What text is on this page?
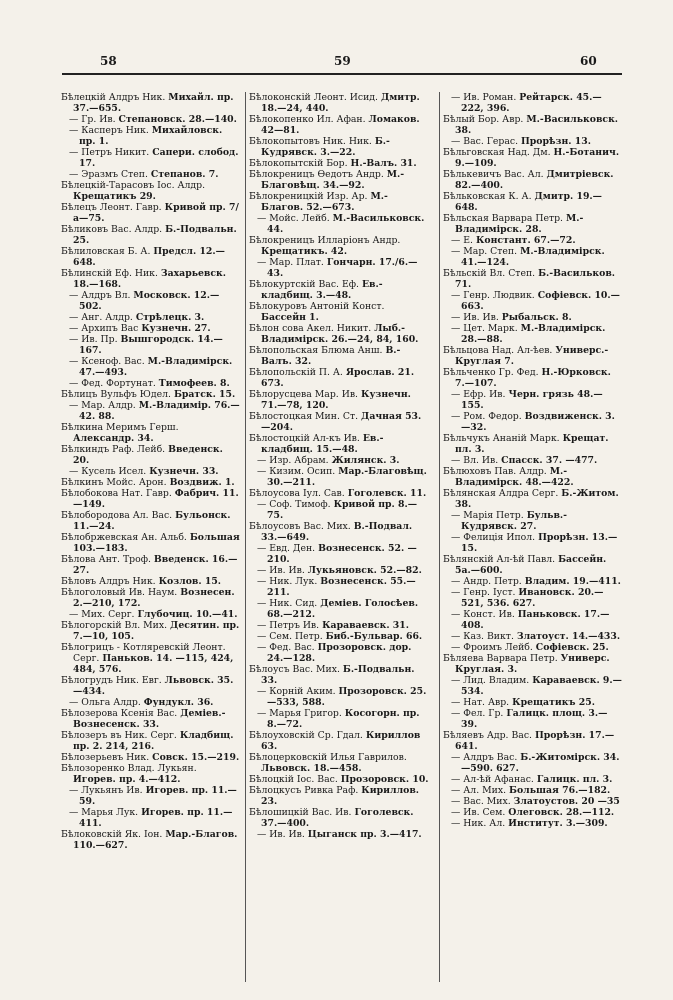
58	59	60

Бѣлецкій Алдръ Ник. Михайл. пр. 37.—655.

— Гр. Ив. Степановск. 28.—140.

— Касперъ Ник. Михайловск. пр. 1.

— Петръ Никит. Сапери. слобод. 17.

— Эразмъ Степ. Степанов. 7.

Бѣлецкій-Тарасовъ Іос. Алдр. Крещатикъ 29.

Бѣлецъ Леонт. Гавр. Кривой пр. 7/а—75.

Бѣликовъ Вас. Алдр. Б.-Подвальн. 25.

Бѣлиловская Б. А. Предсл. 12.—648.

Бѣлинскій Еф. Ник. Захарьевск. 18.—168.

— Алдръ Вл. Московск. 12.—502.

— Анг. Алдр. Стрѣлецк. 3.

— Архипъ Вас Кузнечн. 27.

— Ив. Пр. Вышгородск. 14.—167.

— Ксеноф. Вас. М.-Владимірск. 47.—493.

— Фед. Фортунат. Тимофеев. 8.

Бѣлицъ Вульфъ Юдел. Братск. 15.

— Мар. Алдр. М.-Владимір. 76.—42. 88.

Бѣлкина Меримъ Герш. Александр. 34.

Бѣлкиндъ Раф. Лейб. Введенск. 20.

— Кусель Исел. Кузнечн. 33.

Бѣлкинъ Мойс. Арон. Воздвиж. 1.

Бѣлобокова Нат. Гавр. Фабрич. 11.—149.

Бѣлобородова Ал. Вас. Бульонск. 11.—24.

Бѣлобржевская Ан. Альб. Большая 103.—183.

Бѣлова Ант. Троф. Введенск. 16.—27.

Бѣловъ Алдръ Ник. Козлов. 15.

Бѣлоголовый Ив. Наум. Вознесен. 2.—210, 172.

— Мих. Серг. Глубочиц. 10.—41.

Бѣлогорскій Вл. Мих. Десятин. пр. 7.—10, 105.

Бѣлогрицъ - Котляревскій Леонт. Серг. Паньков. 14. —115, 424, 484, 576.

Бѣлогрудъ Ник. Евг. Львовск. 35.—434.

— Ольга Алдр. Фундукл. 36.

Бѣлозерова Ксенія Вас. Деміев.- Вознесенск. 33.

Бѣлозеръ въ Ник. Серг. Кладбищ. пр. 2. 214, 216.

Бѣлозерьевъ Ник. Совск. 15.—219.

Бѣлозоренко Влад. Лукьян. Игорев. пр. 4.—412.

— Лукьянъ Ив. Игорев. пр. 11.—59.

— Марья Лук. Игорев. пр. 11.—411.

Бѣлоковскій Як. Іон. Мар.-Благов. 110.—627.

Бѣлоконскій Леонт. Исид. Дмитр. 18.—24, 440.

Бѣлокопенко Ил. Афан. Ломаков. 42—81.

Бѣлокопытовъ Ник. Ник. Б.-Кудрявск. 3.—22.

Бѣлокопытскій Бор. Н.-Валъ. 31.

Бѣлокреницъ Ѳедотъ Андр. М.-Благовѣщ. 34.—92.

Бѣлокреницкій Изр. Ар. М.-Благов. 52.—673.

— Мойс. Лейб. М.-Васильковск. 44.

Бѣлокреницъ Илларіонъ Андр. Крещатикъ. 42.

— Мар. Плат. Гончарн. 17./6.—43.

Бѣлокуртскій Вас. Еф. Ев.-кладбищ. 3.—48.

Бѣлокуровъ Антоній Конст. Бассейн 1.

Бѣлон сова Акел. Никит. Лыб.-Владимірск. 26.—24, 84, 160.

Бѣлопольская Блюма Анш. В.-Валъ. 32.

Бѣлопольскій П. А. Ярослав. 21. 673.

Бѣлорусцева Мар. Ив. Кузнечн. 71.—78, 120.

Бѣлостоцкая Мин. Ст. Дачная 53.—204.

Бѣлостоцкій Ал-къ Ив. Ев.-кладбищ. 15.—48.

— Изр. Абрам. Жилянск. 3.

— Кизим. Осип. Мар.-Благовѣщ. 30.—211.

Бѣлоусова Іул. Сав. Гоголевск. 11.

— Соф. Тимоф. Кривой пр. 8.—75.

Бѣлоусовъ Вас. Мих. В.-Подвал. 33.—649.

— Евд. Ден. Вознесенск. 52. —210.

— Ив. Ив. Лукьяновск. 52.—82.

— Ник. Лук. Вознесенск. 55.—211.

— Ник. Сид. Деміев. Голосѣев. 68.—212.

— Петръ Ив. Караваевск. 31.

— Сем. Петр. Биб.-Бульвар. 66.

— Фед. Вас. Прозоровск. дор. 24.—128.

Бѣлоусъ Вас. Мих. Б.-Подвальн. 33.

— Корній Аким. Прозоровск. 25.—533, 588.

— Марья Григор. Косогорн. пр. 8.—72.

Бѣлоуховскій Ср. Гдал. Кириллов 63.

Бѣлоцерковскій Илья Гаврилов. Львовск. 18.—458.

Бѣлоцкій Іос. Вас. Прозоровск. 10.

Бѣлоцкусъ Ривка Раф. Кириллов. 23.

Бѣлошицкій Вас. Ив. Гоголевск. 37.—400.

— Ив. Ив. Цыганск пр. 3.—417.

— Ив. Роман. Рейтарск. 45.—222, 396.

Бѣлый Бор. Авр. М.-Васильковск. 38.

— Вас. Герас. Прорѣзн. 13.

Бѣльговская Над. Дм. Н.-Ботанич. 9.—109.

Бѣлькевичъ Вас. Ал. Дмитріевск. 82.—400.

Бѣльковская К. А. Дмитр. 19.—648.

Бѣльская Варвара Петр. М.-Владимірск. 28.

— Е. Констант. 67.—72.

— Мар. Степ. М.-Владимірск. 41.—124.

Бѣльскій Вл. Степ. Б.-Васильков. 71.

— Генр. Людвик. Софіевск. 10.—663.

— Ив. Ив. Рыбальск. 8.

— Цет. Марк. М.-Владимірск. 28.—88.

Бѣльцова Над. Ал-ѣев. Универс.-Круглая 7.

Бѣльченко Гр. Фед. Н.-Юрковск. 7.—107.

— Ефр. Ив. Черн. грязь 48.—155.

— Ром. Федор. Воздвиженск. 3.—32.

Бѣльчукъ Ананій Марк. Крещат. пл. 3.

— Вл. Ив. Спасск. 37. —477.

Бѣлюховъ Пав. Алдр. М.-Владимірск. 48.—422.

Бѣлянская Алдра Серг. Б.-Житом. 38.

— Марія Петр. Бульв.-Кудрявск. 27.

— Фелиція Ипол. Прорѣзн. 13.—15.

Бѣлянскій Ал-ѣй Павл. Бассейн. 5а.—600.

— Андр. Петр. Владим. 19.—411.

— Генр. Іуст. Ивановск. 20.—521, 536. 627.

— Конст. Ив. Паньковск. 17.—408.

— Каз. Викт. Златоуст. 14.—433.

— Фроимъ Лейб. Софіевск. 25.

Бѣляева Варвара Петр. Универс. Круглая. 3.

— Лид. Владим. Караваевск. 9.—534.

— Нат. Авр. Крещатикъ 25.

— Фел. Гр. Галицк. площ. 3.—39.

Бѣляевъ Адр. Вас. Прорѣзн. 17.—641.

— Алдръ Вас. Б.-Житомірск. 34.—590. 627.

— Ал-ѣй Афанас. Галицк. пл. 3.

— Ал. Мих. Большая 76.—182.

— Вас. Мих. Златоустов. 20 —35

— Ив. Сем. Олеговск. 28.—112.

— Ник. Ал. Институт. 3.—309.
